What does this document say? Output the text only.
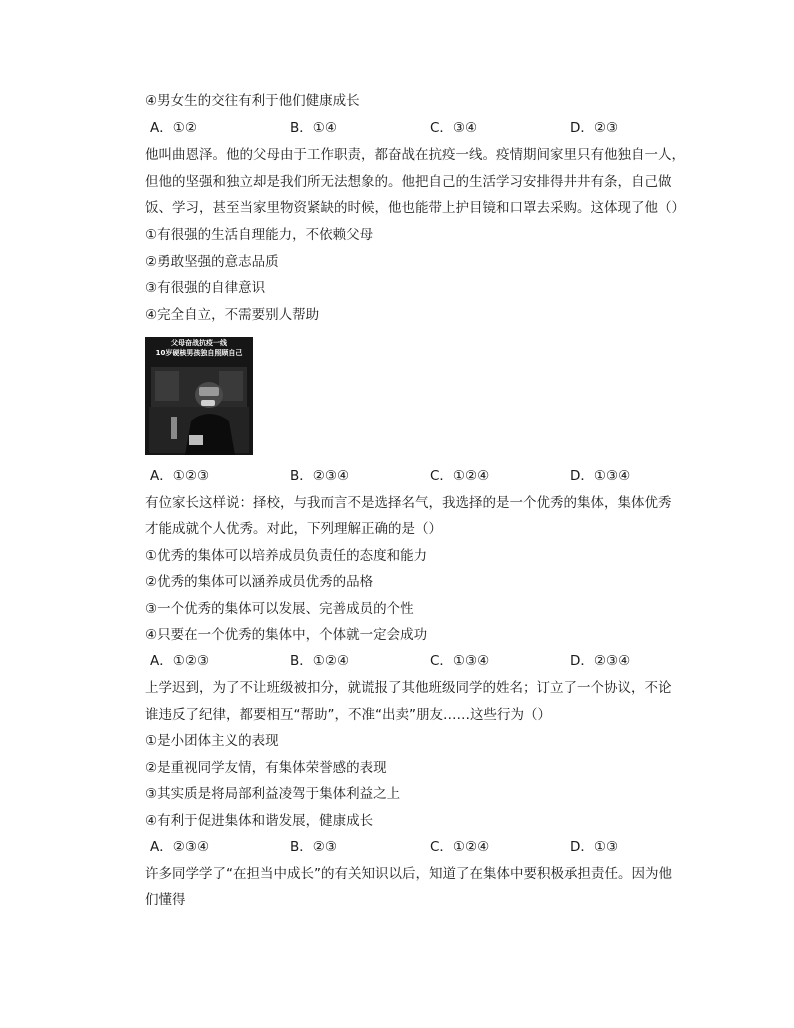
④男女生的交往有利于他们健康成长
A．①②	B．①④	C．③④	D．②③
他叫曲恩泽。他的父母由于工作职责，都奋战在抗疫一线。疫情期间家里只有他独自一人，
但他的坚强和独立却是我们所无法想象的。他把自己的生活学习安排得井井有条，自己做
饭、学习，甚至当家里物资紧缺的时候，他也能带上护目镜和口罩去采购。这体现了他（）
①有很强的生活自理能力，不依赖父母
②勇敢坚强的意志品质
③有很强的自律意识
④完全自立，不需要别人帮助
父母奋战抗疫一线
10岁硬核男孩独自照顾自己
A．①②③	B．②③④	C．①②④	D．①③④
有位家长这样说：择校，与我而言不是选择名气，我选择的是一个优秀的集体，集体优秀
才能成就个人优秀。对此，下列理解正确的是（）
①优秀的集体可以培养成员负责任的态度和能力
②优秀的集体可以涵养成员优秀的品格
③一个优秀的集体可以发展、完善成员的个性
④只要在一个优秀的集体中，个体就一定会成功
A．①②③	B．①②④	C．①③④	D．②③④
上学迟到，为了不让班级被扣分，就谎报了其他班级同学的姓名；订立了一个协议，不论
谁违反了纪律，都要相互“帮助”，不准“出卖”朋友……这些行为（）
①是小团体主义的表现
②是重视同学友情，有集体荣誉感的表现
③其实质是将局部利益凌驾于集体利益之上
④有利于促进集体和谐发展，健康成长
A．②③④	B．②③	C．①②④	D．①③
许多同学学了“在担当中成长”的有关知识以后，知道了在集体中要积极承担责任。因为他
们懂得
